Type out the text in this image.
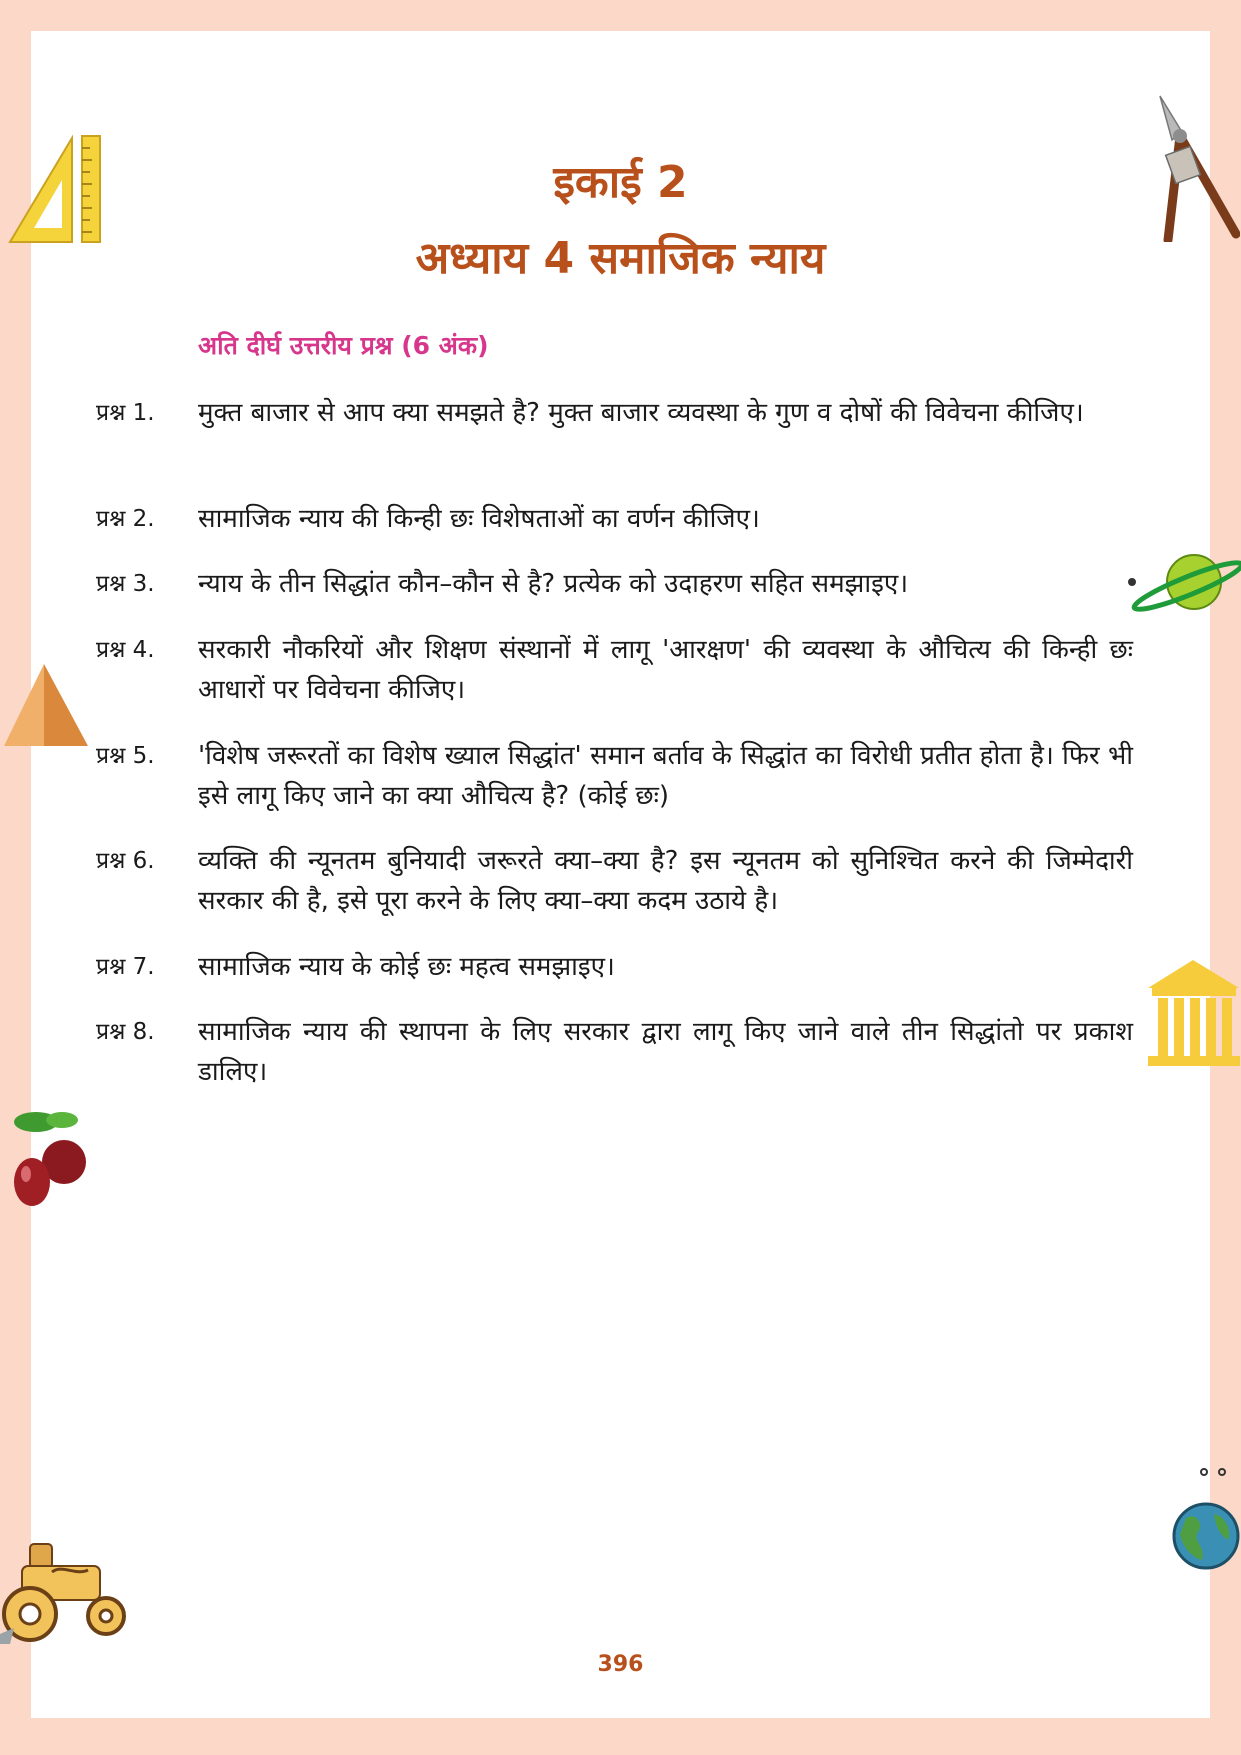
इकाई 2
अध्याय 4 समाजिक न्याय
अति दीर्घ उत्तरीय प्रश्न (6 अंक)
प्रश्न 1. मुक्त बाजार से आप क्या समझते है? मुक्त बाजार व्यवस्था के गुण व दोषों की विवेचना कीजिए।

प्रश्न 2. सामाजिक न्याय की किन्ही छः विशेषताओं का वर्णन कीजिए।

प्रश्न 3. न्याय के तीन सिद्धांत कौन–कौन से है? प्रत्येक को उदाहरण सहित समझाइए।

प्रश्न 4. सरकारी नौकरियों और शिक्षण संस्थानों में लागू 'आरक्षण' की व्यवस्था के औचित्य की किन्ही छः आधारों पर विवेचना कीजिए।

प्रश्न 5. 'विशेष जरूरतों का विशेष ख्याल सिद्धांत' समान बर्ताव के सिद्धांत का विरोधी प्रतीत होता है। फिर भी इसे लागू किए जाने का क्या औचित्य है? (कोई छः)

प्रश्न 6. व्यक्ति की न्यूनतम बुनियादी जरूरते क्या–क्या है? इस न्यूनतम को सुनिश्चित करने की जिम्मेदारी सरकार की है, इसे पूरा करने के लिए क्या–क्या कदम उठाये है।

प्रश्न 7. सामाजिक न्याय के कोई छः महत्व समझाइए।

प्रश्न 8. सामाजिक न्याय की स्थापना के लिए सरकार द्वारा लागू किए जाने वाले तीन सिद्धांतो पर प्रकाश डालिए।

396
